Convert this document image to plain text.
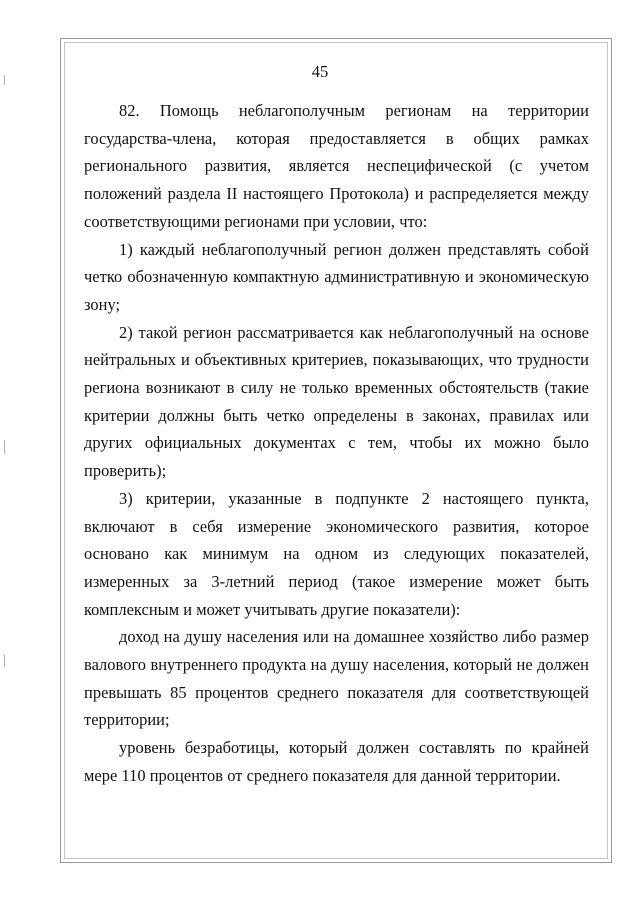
45

82. Помощь неблагополучным регионам на территории государства-члена, которая предоставляется в общих рамках регионального развития, является неспецифической (с учетом положений раздела II настоящего Протокола) и распределяется между соответствующими регионами при условии, что:

1) каждый неблагополучный регион должен представлять собой четко обозначенную компактную административную и экономическую зону;

2) такой регион рассматривается как неблагополучный на основе нейтральных и объективных критериев, показывающих, что трудности региона возникают в силу не только временных обстоятельств (такие критерии должны быть четко определены в законах, правилах или других официальных документах с тем, чтобы их можно было проверить);

3) критерии, указанные в подпункте 2 настоящего пункта, включают в себя измерение экономического развития, которое основано как минимум на одном из следующих показателей, измеренных за 3-летний период (такое измерение может быть комплексным и может учитывать другие показатели):

доход на душу населения или на домашнее хозяйство либо размер валового внутреннего продукта на душу населения, который не должен превышать 85 процентов среднего показателя для соответствующей территории;

уровень безработицы, который должен составлять по крайней мере 110 процентов от среднего показателя для данной территории.
